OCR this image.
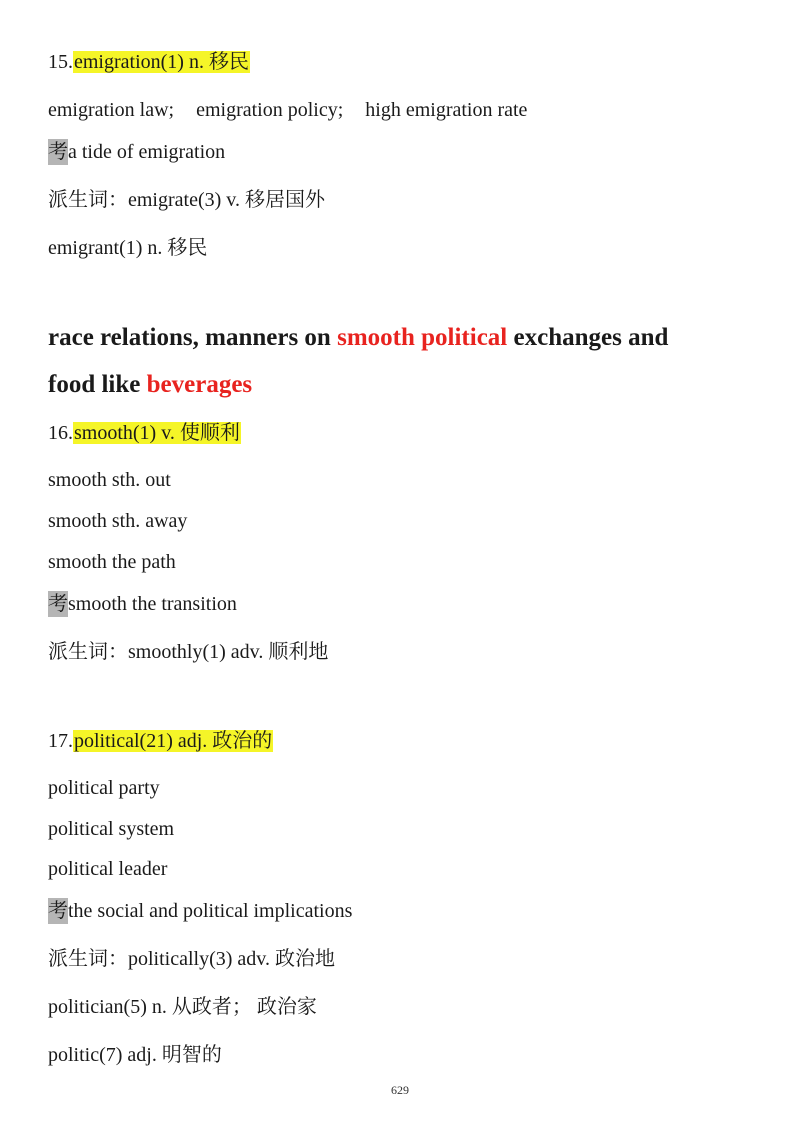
15.emigration(1) n. 移民
emigration law; emigration policy; high emigration rate
考a tide of emigration
派生词：emigrate(3) v. 移居国外
emigrant(1) n. 移民
race relations, manners on smooth political exchanges and
food like beverages
16.smooth(1) v. 使顺利
smooth sth. out
smooth sth. away
smooth the path
考smooth the transition
派生词：smoothly(1) adv. 顺利地
17.political(21) adj. 政治的
political party
political system
political leader
考the social and political implications
派生词：politically(3) adv. 政治地
politician(5) n. 从政者； 政治家
politic(7) adj. 明智的
629
